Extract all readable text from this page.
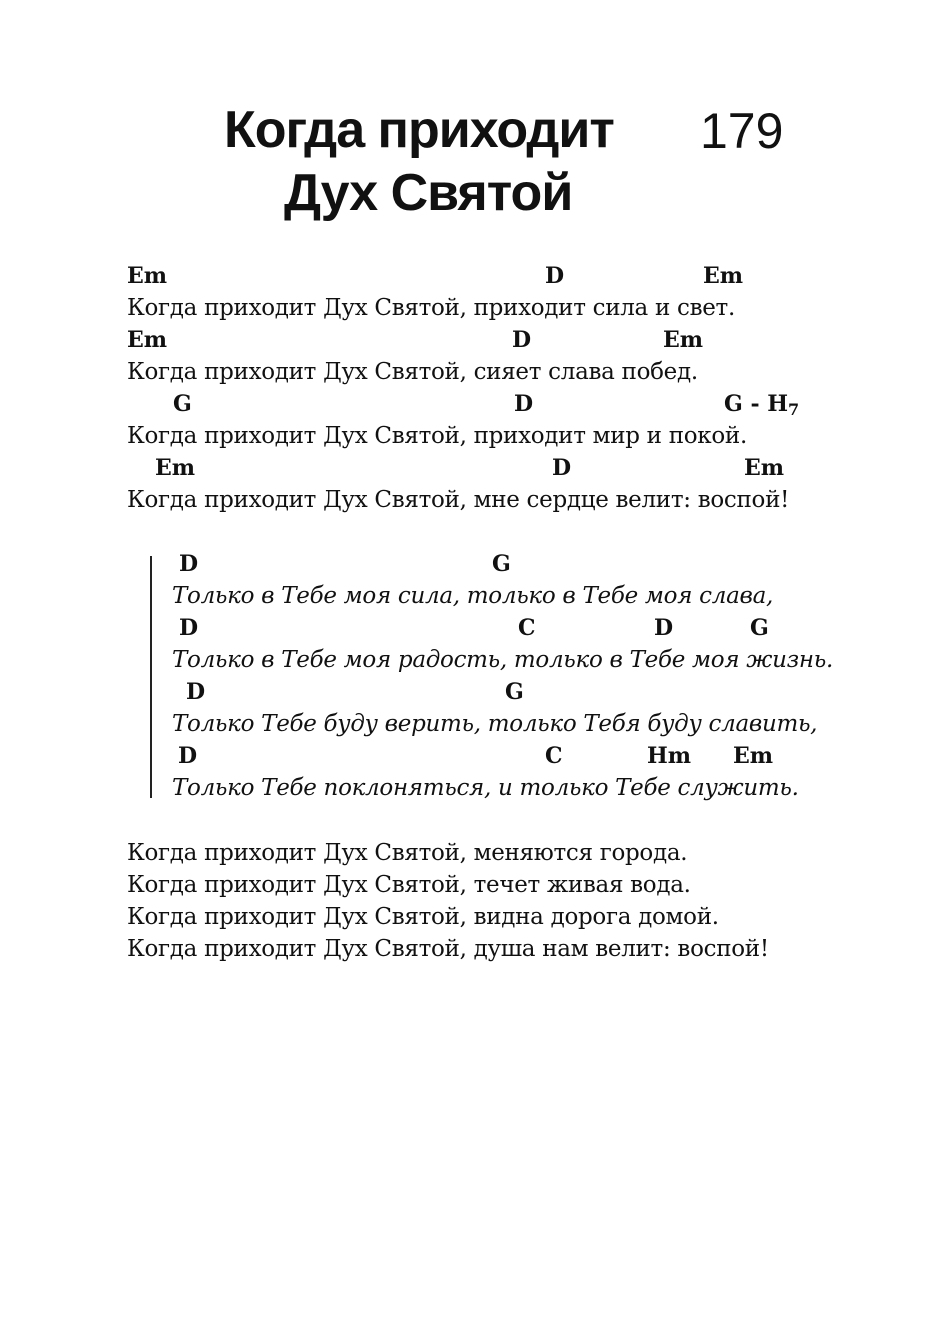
Когда приходит
Дух Святой
179
Em	D	Em
Когда приходит Дух Святой, приходит сила и свет.
Em	D	Em
Когда приходит Дух Святой, сияет слава побед.
G	D	G - $H_7$
Когда приходит Дух Святой, приходит мир и покой.
Em	D	Em
Когда приходит Дух Святой, мне сердце велит: воспой!
D	G
Только в Тебе моя сила, только в Тебе моя слава,
D	C	D	G
Только в Тебе моя радость, только в Тебе моя жизнь.
D	G
Только Тебе буду верить, только Тебя буду славить,
D	C	Hm Em
Только Тебе поклоняться, и только Тебе служить.
Когда приходит Дух Святой, меняются города.
Когда приходит Дух Святой, течет живая вода.
Когда приходит Дух Святой, видна дорога домой.
Когда приходит Дух Святой, душа нам велит: воспой!
